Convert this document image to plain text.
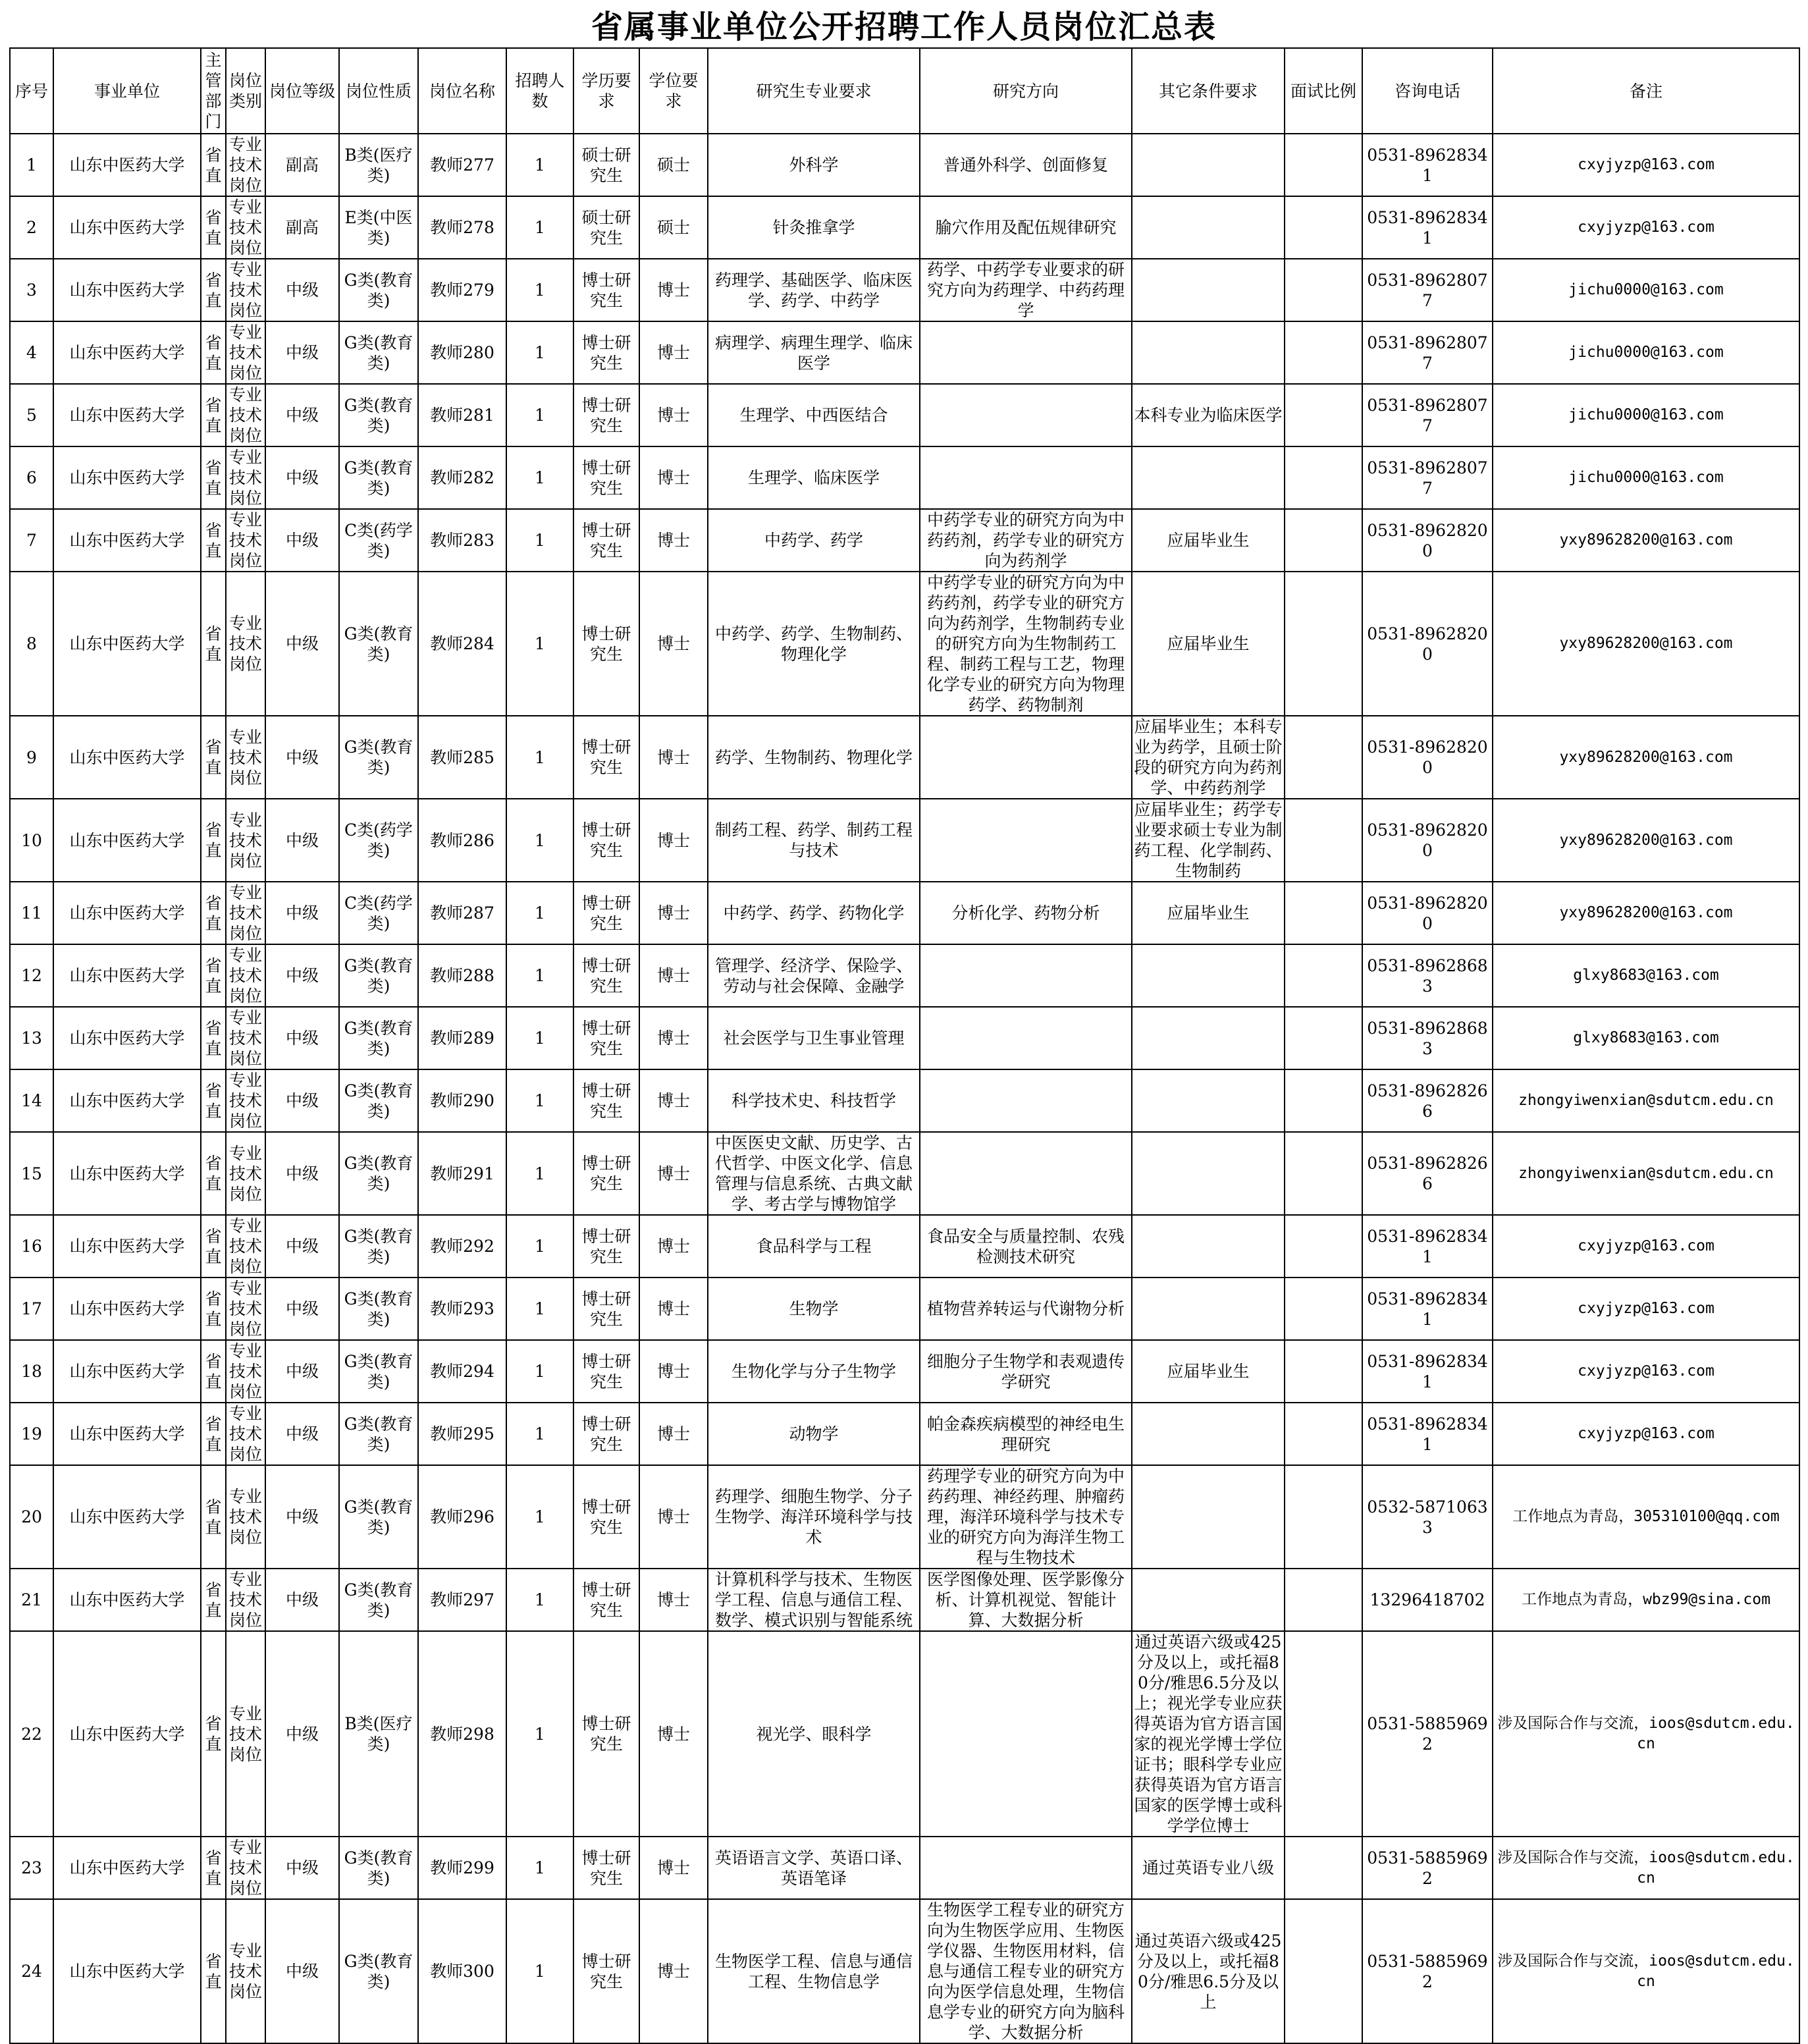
省属事业单位公开招聘工作人员岗位汇总表
序号	事业单位	主管部门	岗位类别	岗位等级	岗位性质	岗位名称	招聘人数	学历要求	学位要求	研究生专业要求	研究方向	其它条件要求	面试比例	咨询电话	备注
1	山东中医药大学	省直	专业技术岗位	副高	B类(医疗类)	教师277	1	硕士研究生	硕士	外科学	普通外科学、创面修复			0531-89628341	cxyjyzp@163.com
2	山东中医药大学	省直	专业技术岗位	副高	E类(中医类)	教师278	1	硕士研究生	硕士	针灸推拿学	腧穴作用及配伍规律研究			0531-89628341	cxyjyzp@163.com
3	山东中医药大学	省直	专业技术岗位	中级	G类(教育类)	教师279	1	博士研究生	博士	药理学、基础医学、临床医学、药学、中药学	药学、中药学专业要求的研究方向为药理学、中药药理学			0531-89628077	jichu0000@163.com
4	山东中医药大学	省直	专业技术岗位	中级	G类(教育类)	教师280	1	博士研究生	博士	病理学、病理生理学、临床医学				0531-89628077	jichu0000@163.com
5	山东中医药大学	省直	专业技术岗位	中级	G类(教育类)	教师281	1	博士研究生	博士	生理学、中西医结合		本科专业为临床医学		0531-89628077	jichu0000@163.com
6	山东中医药大学	省直	专业技术岗位	中级	G类(教育类)	教师282	1	博士研究生	博士	生理学、临床医学				0531-89628077	jichu0000@163.com
7	山东中医药大学	省直	专业技术岗位	中级	C类(药学类)	教师283	1	博士研究生	博士	中药学、药学	中药学专业的研究方向为中药药剂，药学专业的研究方向为药剂学	应届毕业生		0531-89628200	yxy89628200@163.com
8	山东中医药大学	省直	专业技术岗位	中级	G类(教育类)	教师284	1	博士研究生	博士	中药学、药学、生物制药、物理化学	中药学专业的研究方向为中药药剂，药学专业的研究方向为药剂学，生物制药专业的研究方向为生物制药工程、制药工程与工艺，物理化学专业的研究方向为物理药学、药物制剂	应届毕业生		0531-89628200	yxy89628200@163.com
9	山东中医药大学	省直	专业技术岗位	中级	G类(教育类)	教师285	1	博士研究生	博士	药学、生物制药、物理化学		应届毕业生；本科专业为药学，且硕士阶段的研究方向为药剂学、中药药剂学		0531-89628200	yxy89628200@163.com
10	山东中医药大学	省直	专业技术岗位	中级	C类(药学类)	教师286	1	博士研究生	博士	制药工程、药学、制药工程与技术		应届毕业生；药学专业要求硕士专业为制药工程、化学制药、生物制药		0531-89628200	yxy89628200@163.com
11	山东中医药大学	省直	专业技术岗位	中级	C类(药学类)	教师287	1	博士研究生	博士	中药学、药学、药物化学	分析化学、药物分析	应届毕业生		0531-89628200	yxy89628200@163.com
12	山东中医药大学	省直	专业技术岗位	中级	G类(教育类)	教师288	1	博士研究生	博士	管理学、经济学、保险学、劳动与社会保障、金融学				0531-89628683	glxy8683@163.com
13	山东中医药大学	省直	专业技术岗位	中级	G类(教育类)	教师289	1	博士研究生	博士	社会医学与卫生事业管理				0531-89628683	glxy8683@163.com
14	山东中医药大学	省直	专业技术岗位	中级	G类(教育类)	教师290	1	博士研究生	博士	科学技术史、科技哲学				0531-89628266	zhongyiwenxian@sdutcm.edu.cn
15	山东中医药大学	省直	专业技术岗位	中级	G类(教育类)	教师291	1	博士研究生	博士	中医医史文献、历史学、古代哲学、中医文化学、信息管理与信息系统、古典文献学、考古学与博物馆学				0531-89628266	zhongyiwenxian@sdutcm.edu.cn
16	山东中医药大学	省直	专业技术岗位	中级	G类(教育类)	教师292	1	博士研究生	博士	食品科学与工程	食品安全与质量控制、农残检测技术研究			0531-89628341	cxyjyzp@163.com
17	山东中医药大学	省直	专业技术岗位	中级	G类(教育类)	教师293	1	博士研究生	博士	生物学	植物营养转运与代谢物分析			0531-89628341	cxyjyzp@163.com
18	山东中医药大学	省直	专业技术岗位	中级	G类(教育类)	教师294	1	博士研究生	博士	生物化学与分子生物学	细胞分子生物学和表观遗传学研究	应届毕业生		0531-89628341	cxyjyzp@163.com
19	山东中医药大学	省直	专业技术岗位	中级	G类(教育类)	教师295	1	博士研究生	博士	动物学	帕金森疾病模型的神经电生理研究			0531-89628341	cxyjyzp@163.com
20	山东中医药大学	省直	专业技术岗位	中级	G类(教育类)	教师296	1	博士研究生	博士	药理学、细胞生物学、分子生物学、海洋环境科学与技术	药理学专业的研究方向为中药药理、神经药理、肿瘤药理，海洋环境科学与技术专业的研究方向为海洋生物工程与生物技术			0532-58710633	工作地点为青岛，305310100@qq.com
21	山东中医药大学	省直	专业技术岗位	中级	G类(教育类)	教师297	1	博士研究生	博士	计算机科学与技术、生物医学工程、信息与通信工程、数学、模式识别与智能系统	医学图像处理、医学影像分析、计算机视觉、智能计算、大数据分析			13296418702	工作地点为青岛，wbz99@sina.com
22	山东中医药大学	省直	专业技术岗位	中级	B类(医疗类)	教师298	1	博士研究生	博士	视光学、眼科学		通过英语六级或425分及以上，或托福80分/雅思6.5分及以上；视光学专业应获得英语为官方语言国家的视光学博士学位证书；眼科学专业应获得英语为官方语言国家的医学博士或科学学位博士		0531-58859692	涉及国际合作与交流，ioos@sdutcm.edu.cn
23	山东中医药大学	省直	专业技术岗位	中级	G类(教育类)	教师299	1	博士研究生	博士	英语语言文学、英语口译、英语笔译		通过英语专业八级		0531-58859692	涉及国际合作与交流，ioos@sdutcm.edu.cn
24	山东中医药大学	省直	专业技术岗位	中级	G类(教育类)	教师300	1	博士研究生	博士	生物医学工程、信息与通信工程、生物信息学	生物医学工程专业的研究方向为生物医学应用、生物医学仪器、生物医用材料，信息与通信工程专业的研究方向为医学信息处理，生物信息学专业的研究方向为脑科学、大数据分析	通过英语六级或425分及以上，或托福80分/雅思6.5分及以上		0531-58859692	涉及国际合作与交流，ioos@sdutcm.edu.cn
